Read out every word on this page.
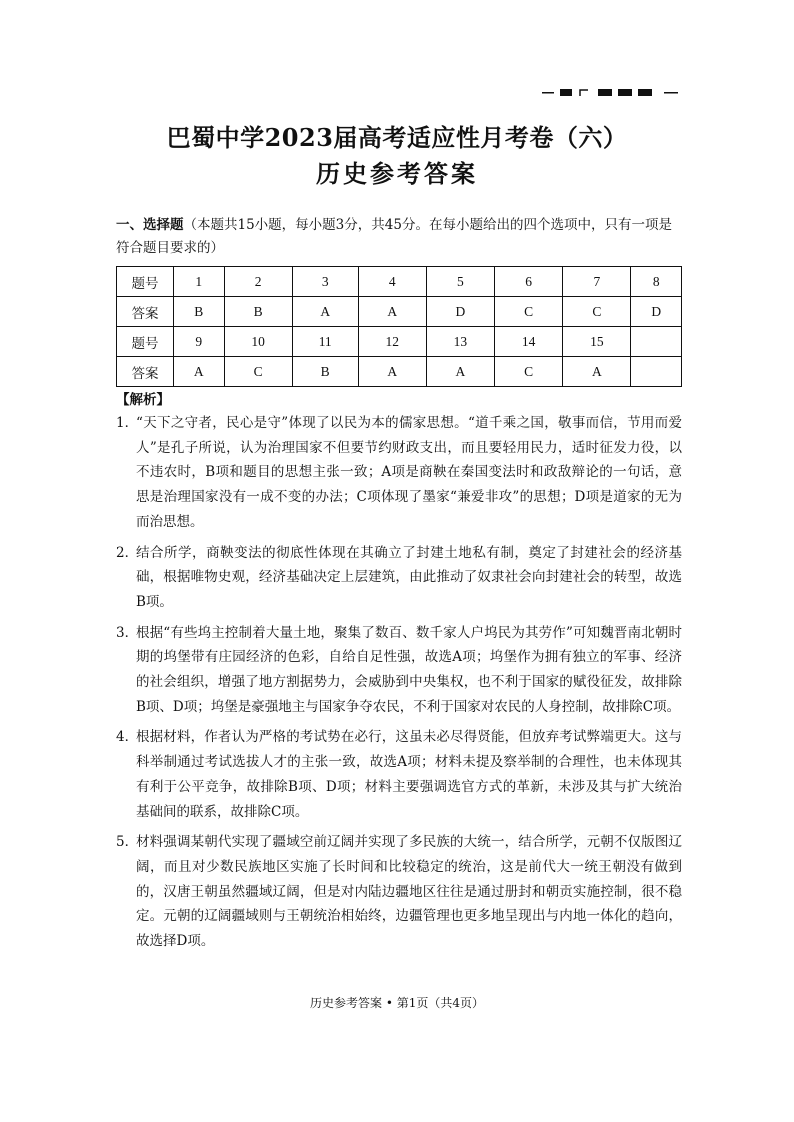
巴蜀中学2023届高考适应性月考卷（六）
历史参考答案
一、选择题（本题共15小题，每小题3分，共45分。在每小题给出的四个选项中，只有一项是符合题目要求的）
题号	1	2	3	4	5	6	7	8
答案	B	B	A	A	D	C	C	D
题号	9	10	11	12	13	14	15	
答案	A	C	B	A	A	C	A	
【解析】
1．
“天下之守者，民心是守”体现了以民为本的儒家思想。“道千乘之国，敬事而信，节用而爱人”是孔子所说，认为治理国家不但要节约财政支出，而且要轻用民力，适时征发力役，以不违农时，B项和题目的思想主张一致；A项是商鞅在秦国变法时和政敌辩论的一句话，意思是治理国家没有一成不变的办法；C项体现了墨家“兼爱非攻”的思想；D项是道家的无为而治思想。
2．
结合所学，商鞅变法的彻底性体现在其确立了封建土地私有制，奠定了封建社会的经济基础，根据唯物史观，经济基础决定上层建筑，由此推动了奴隶社会向封建社会的转型，故选B项。
3．
根据“有些坞主控制着大量土地，聚集了数百、数千家人户坞民为其劳作”可知魏晋南北朝时期的坞堡带有庄园经济的色彩，自给自足性强，故选A项；坞堡作为拥有独立的军事、经济的社会组织，增强了地方割据势力，会威胁到中央集权，也不利于国家的赋役征发，故排除B项、D项；坞堡是豪强地主与国家争夺农民，不利于国家对农民的人身控制，故排除C项。
4．
根据材料，作者认为严格的考试势在必行，这虽未必尽得贤能，但放弃考试弊端更大。这与科举制通过考试选拔人才的主张一致，故选A项；材料未提及察举制的合理性，也未体现其有利于公平竞争，故排除B项、D项；材料主要强调选官方式的革新，未涉及其与扩大统治基础间的联系，故排除C项。
5．
材料强调某朝代实现了疆域空前辽阔并实现了多民族的大统一，结合所学，元朝不仅版图辽阔，而且对少数民族地区实施了长时间和比较稳定的统治，这是前代大一统王朝没有做到的，汉唐王朝虽然疆域辽阔，但是对内陆边疆地区往往是通过册封和朝贡实施控制，很不稳定。元朝的辽阔疆域则与王朝统治相始终，边疆管理也更多地呈现出与内地一体化的趋向，故选择D项。
历史参考答案 • 第1页（共4页）
